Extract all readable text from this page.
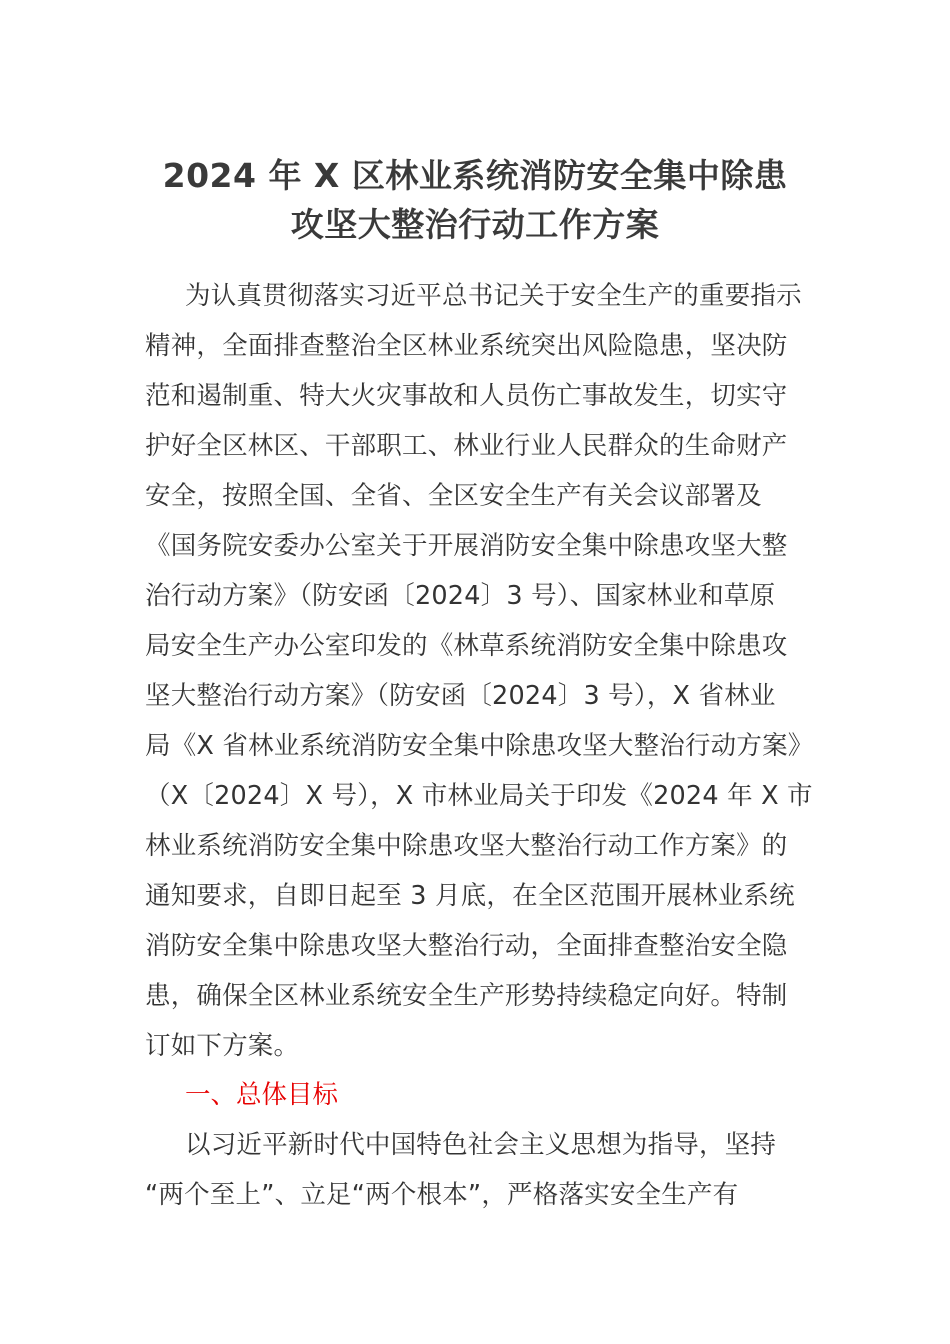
2024 年 X 区林业系统消防安全集中除患
攻坚大整治行动工作方案
为认真贯彻落实习近平总书记关于安全生产的重要指示
精神，全面排查整治全区林业系统突出风险隐患，坚决防
范和遏制重、特大火灾事故和人员伤亡事故发生，切实守
护好全区林区、干部职工、林业行业人民群众的生命财产
安全，按照全国、全省、全区安全生产有关会议部署及
《国务院安委办公室关于开展消防安全集中除患攻坚大整
治行动方案》（防安函〔2024〕3 号）、国家林业和草原
局安全生产办公室印发的《林草系统消防安全集中除患攻
坚大整治行动方案》（防安函〔2024〕3 号），X 省林业
局《X 省林业系统消防安全集中除患攻坚大整治行动方案》
（X〔2024〕X 号），X 市林业局关于印发《2024 年 X 市
林业系统消防安全集中除患攻坚大整治行动工作方案》的
通知要求，自即日起至 3 月底，在全区范围开展林业系统
消防安全集中除患攻坚大整治行动，全面排查整治安全隐
患，确保全区林业系统安全生产形势持续稳定向好。特制
订如下方案。
一、总体目标
以习近平新时代中国特色社会主义思想为指导，坚持
“两个至上”、立足“两个根本”，严格落实安全生产有
